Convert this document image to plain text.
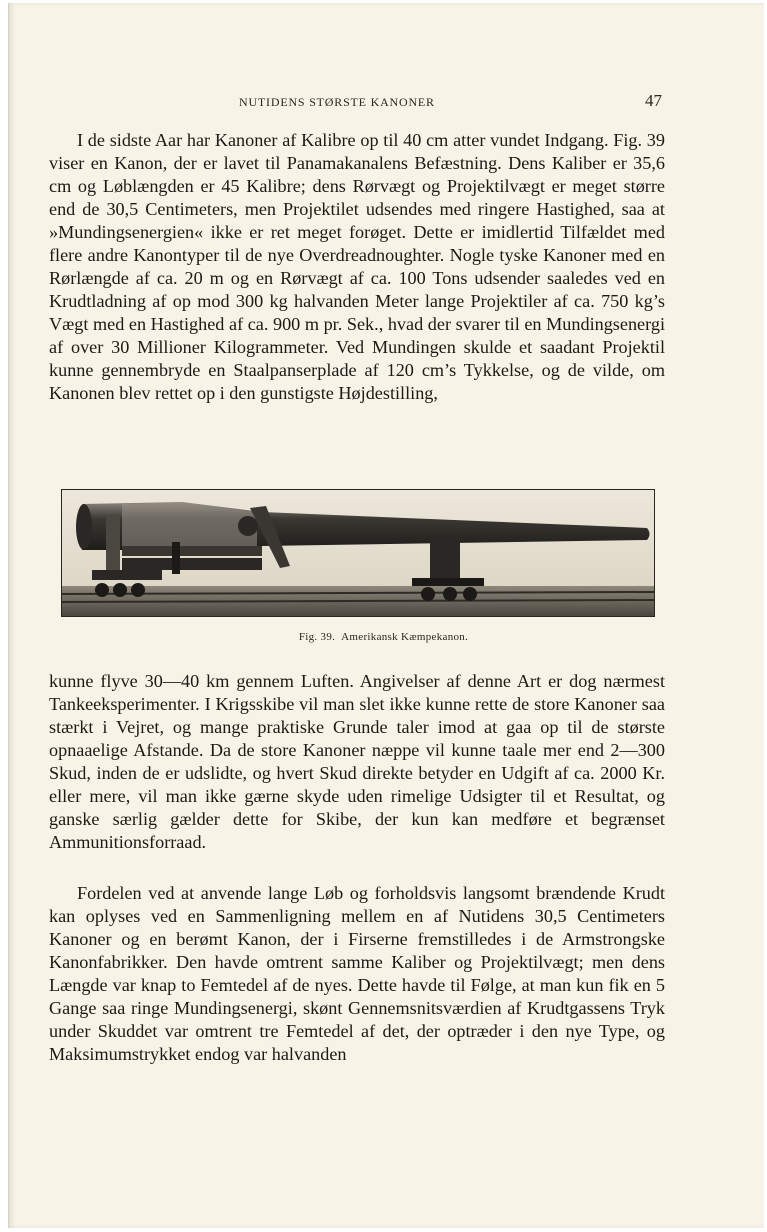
NUTIDENS STØRSTE KANONER	47

I de sidste Aar har Kanoner af Kalibre op til 40 cm atter vundet Indgang. Fig. 39 viser en Kanon, der er lavet til Panamakanalens Befæstning. Dens Kaliber er 35,6 cm og Løblængden er 45 Kalibre; dens Rørvægt og Projektilvægt er meget større end de 30,5 Centimeters, men Projektilet udsendes med ringere Hastighed, saa at »Mundingsenergien« ikke er ret meget forøget. Dette er imidlertid Tilfældet med flere andre Kanontyper til de nye Overdreadnoughter. Nogle tyske Kanoner med en Rørlængde af ca. 20 m og en Rørvægt af ca. 100 Tons udsender saaledes ved en Krudtladning af op mod 300 kg halvanden Meter lange Projektiler af ca. 750 kg’s Vægt med en Hastighed af ca. 900 m pr. Sek., hvad der svarer til en Mundingsenergi af over 30 Millioner Kilogrammeter. Ved Mundingen skulde et saadant Projektil kunne gennembryde en Staalpanserplade af 120 cm’s Tykkelse, og de vilde, om Kanonen blev rettet op i den gunstigste Højdestilling,

Fig. 39. Amerikansk Kæmpekanon.

kunne flyve 30—40 km gennem Luften. Angivelser af denne Art er dog nærmest Tankeeksperimenter. I Krigsskibe vil man slet ikke kunne rette de store Kanoner saa stærkt i Vejret, og mange praktiske Grunde taler imod at gaa op til de største opnaaelige Afstande. Da de store Kanoner næppe vil kunne taale mer end 2—300 Skud, inden de er udslidte, og hvert Skud direkte betyder en Udgift af ca. 2000 Kr. eller mere, vil man ikke gærne skyde uden rimelige Udsigter til et Resultat, og ganske særlig gælder dette for Skibe, der kun kan medføre et begrænset Ammunitionsforraad.

Fordelen ved at anvende lange Løb og forholdsvis langsomt brændende Krudt kan oplyses ved en Sammenligning mellem en af Nutidens 30,5 Centimeters Kanoner og en berømt Kanon, der i Firserne fremstilledes i de Armstrongske Kanonfabrikker. Den havde omtrent samme Kaliber og Projektilvægt; men dens Længde var knap to Femtedel af de nyes. Dette havde til Følge, at man kun fik en 5 Gange saa ringe Mundingsenergi, skønt Gennemsnitsværdien af Krudtgassens Tryk under Skuddet var omtrent tre Femtedel af det, der optræder i den nye Type, og Maksimumstrykket endog var halvanden
